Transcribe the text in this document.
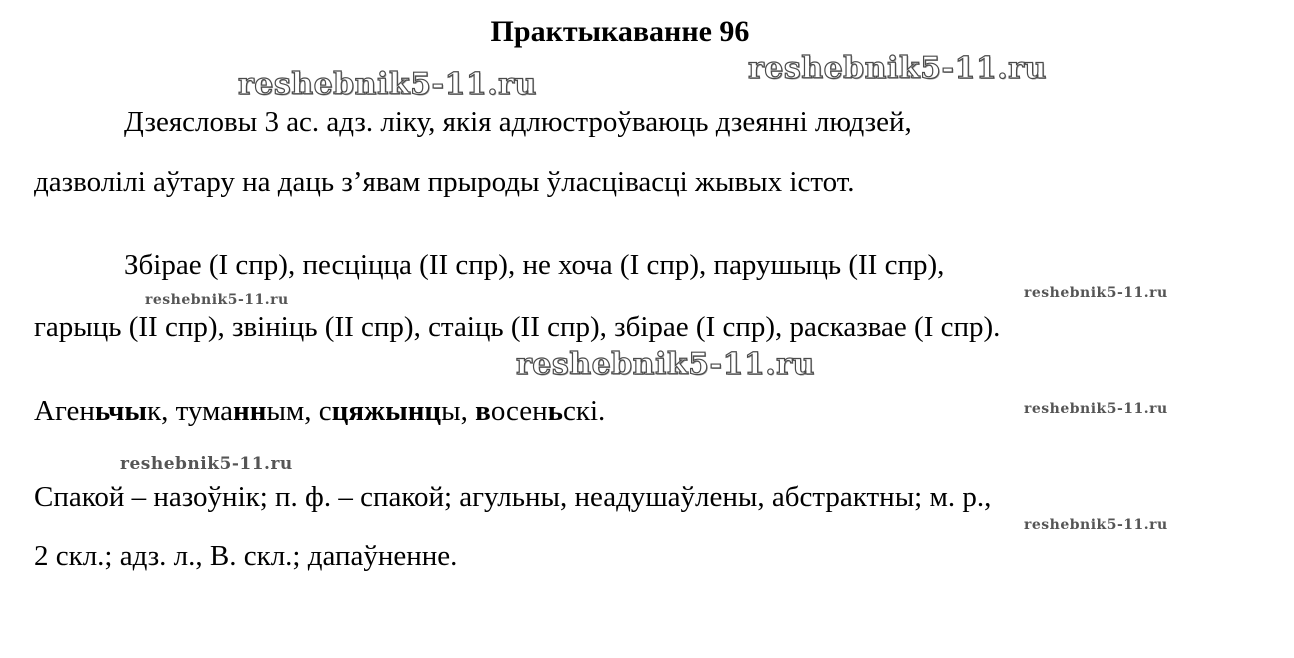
Практыкаванне 96
reshebnik5-11.ru	reshebnik5-11.ru
reshebnik5-11.ru
reshebnik5-11.ru	reshebnik5-11.ru
reshebnik5-11.ru
reshebnik5-11.ru
reshebnik5-11.ru
Дзеясловы 3 ас. адз. ліку, якія адлюстроўваюць дзеянні людзей,
дазволілі аўтару на даць з’явам прыроды ўласцівасці жывых істот.
Збірае (I спр), песціцца (II спр), не хоча (I спр), парушыць (II спр),
гарыць (II спр), звініць (II спр), стаіць (II спр), збірае (I спр), расказвае (I спр).
Агеньчык, туманным, сцяжынцы, восеньскі.
Спакой – назоўнік; п. ф. – спакой; агульны, неадушаўлены, абстрактны; м. р.,
2 скл.; адз. л., В. скл.; дапаўненне.
